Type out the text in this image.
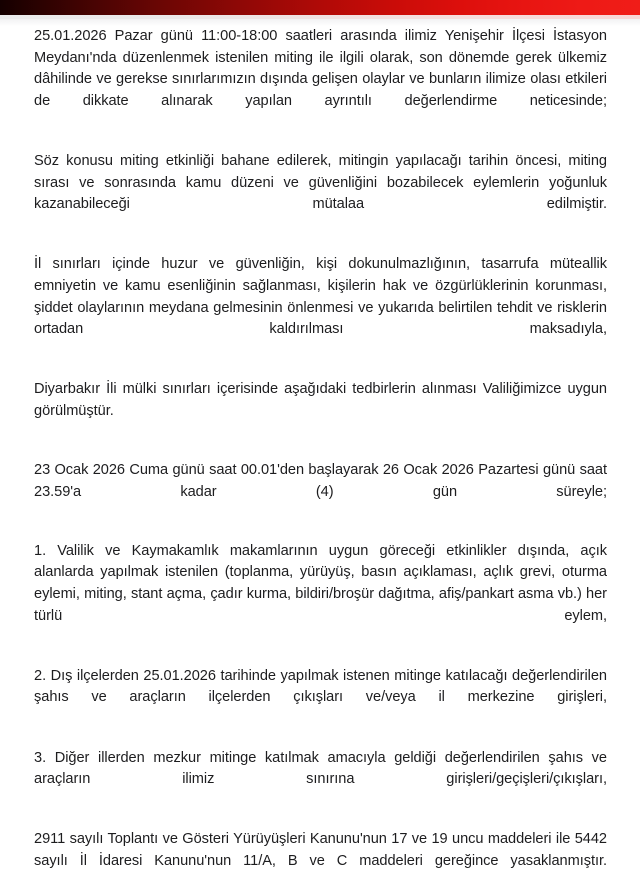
25.01.2026 Pazar günü 11:00-18:00 saatleri arasında ilimiz Yenişehir İlçesi İstasyon Meydanı'nda düzenlenmek istenilen miting ile ilgili olarak, son dönemde gerek ülkemiz dâhilinde ve gerekse sınırlarımızın dışında gelişen olaylar ve bunların ilimize olası etkileri de dikkate alınarak yapılan ayrıntılı değerlendirme neticesinde;

Söz konusu miting etkinliği bahane edilerek, mitingin yapılacağı tarihin öncesi, miting sırası ve sonrasında kamu düzeni ve güvenliğini bozabilecek eylemlerin yoğunluk kazanabileceği mütalaa edilmiştir.

İl sınırları içinde huzur ve güvenliğin, kişi dokunulmazlığının, tasarrufa müteallik emniyetin ve kamu esenliğinin sağlanması, kişilerin hak ve özgürlüklerinin korunması, şiddet olaylarının meydana gelmesinin önlenmesi ve yukarıda belirtilen tehdit ve risklerin ortadan kaldırılması maksadıyla,

Diyarbakır İli mülki sınırları içerisinde aşağıdaki tedbirlerin alınması Valiliğimizce uygun görülmüştür.

23 Ocak 2026 Cuma günü saat 00.01'den başlayarak 26 Ocak 2026 Pazartesi günü saat 23.59'a kadar (4) gün süreyle;

1. Valilik ve Kaymakamlık makamlarının uygun göreceği etkinlikler dışında, açık alanlarda yapılmak istenilen (toplanma, yürüyüş, basın açıklaması, açlık grevi, oturma eylemi, miting, stant açma, çadır kurma, bildiri/broşür dağıtma, afiş/pankart asma vb.) her türlü eylem,

2. Dış ilçelerden 25.01.2026 tarihinde yapılmak istenen mitinge katılacağı değerlendirilen şahıs ve araçların ilçelerden çıkışları ve/veya il merkezine girişleri,

3. Diğer illerden mezkur mitinge katılmak amacıyla geldiği değerlendirilen şahıs ve araçların ilimiz sınırına girişleri/geçişleri/çıkışları,

2911 sayılı Toplantı ve Gösteri Yürüyüşleri Kanunu'nun 17 ve 19 uncu maddeleri ile 5442 sayılı İl İdaresi Kanunu'nun 11/A, B ve C maddeleri gereğince yasaklanmıştır.
